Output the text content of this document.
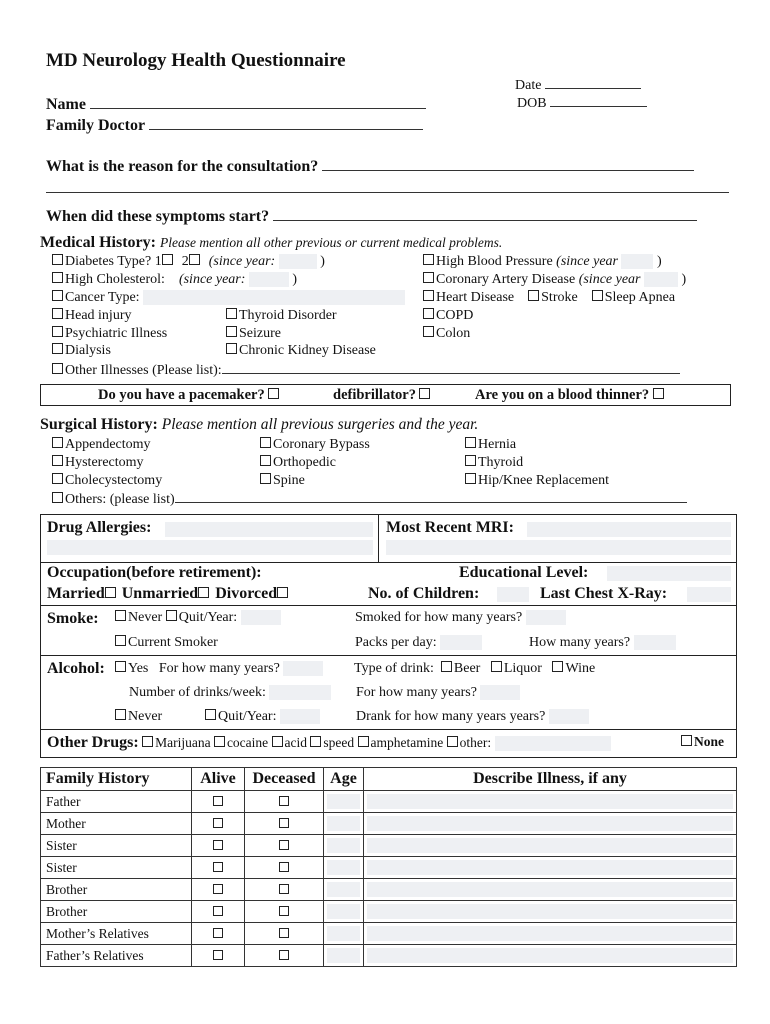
MD Neurology Health Questionnaire
Date
DOB
Name
Family Doctor
What is the reason for the consultation?
When did these symptoms start?
Medical History: Please mention all other previous or current medical problems.
Diabetes Type? 1 2 (since year:	)
High Cholesterol: (since year:	)
Cancer Type:
Head injury
Psychiatric Illness
Dialysis
Other Illnesses (Please list):
Thyroid Disorder
Seizure
Chronic Kidney Disease
High Blood Pressure (since year	)
Coronary Artery Disease (since year	)
Heart Disease Stroke Sleep Apnea
COPD
Colon
Do you have a pacemaker?	defibrillator?	Are you on a blood thinner?
Surgical History: Please mention all previous surgeries and the year.
Appendectomy
Hysterectomy
Cholecystectomy
Others: (please list)
Coronary Bypass
Orthopedic
Spine
Hernia
Thyroid
Hip/Knee Replacement
Drug Allergies:	Most Recent MRI:
Occupation(before retirement):	Educational Level:
Married Unmarried Divorced	No. of Children:	Last Chest X-Ray:
Smoke:	Never Quit/Year:	Smoked for how many years?
Current Smoker	Packs per day:	How many years?
Alcohol:	Yes For how many years?	Type of drink: Beer Liquor Wine
Number of drinks/week:	For how many years?
Never	Quit/Year:	Drank for how many years years?
Other Drugs: Marijuana cocaine acid speed amphetamine other:	None
Family History	Alive	Deceased	Age	Describe Illness, if any
Father			

Mother			

Sister			

Sister			

Brother			

Brother			

Mother’s Relatives			

Father’s Relatives			
